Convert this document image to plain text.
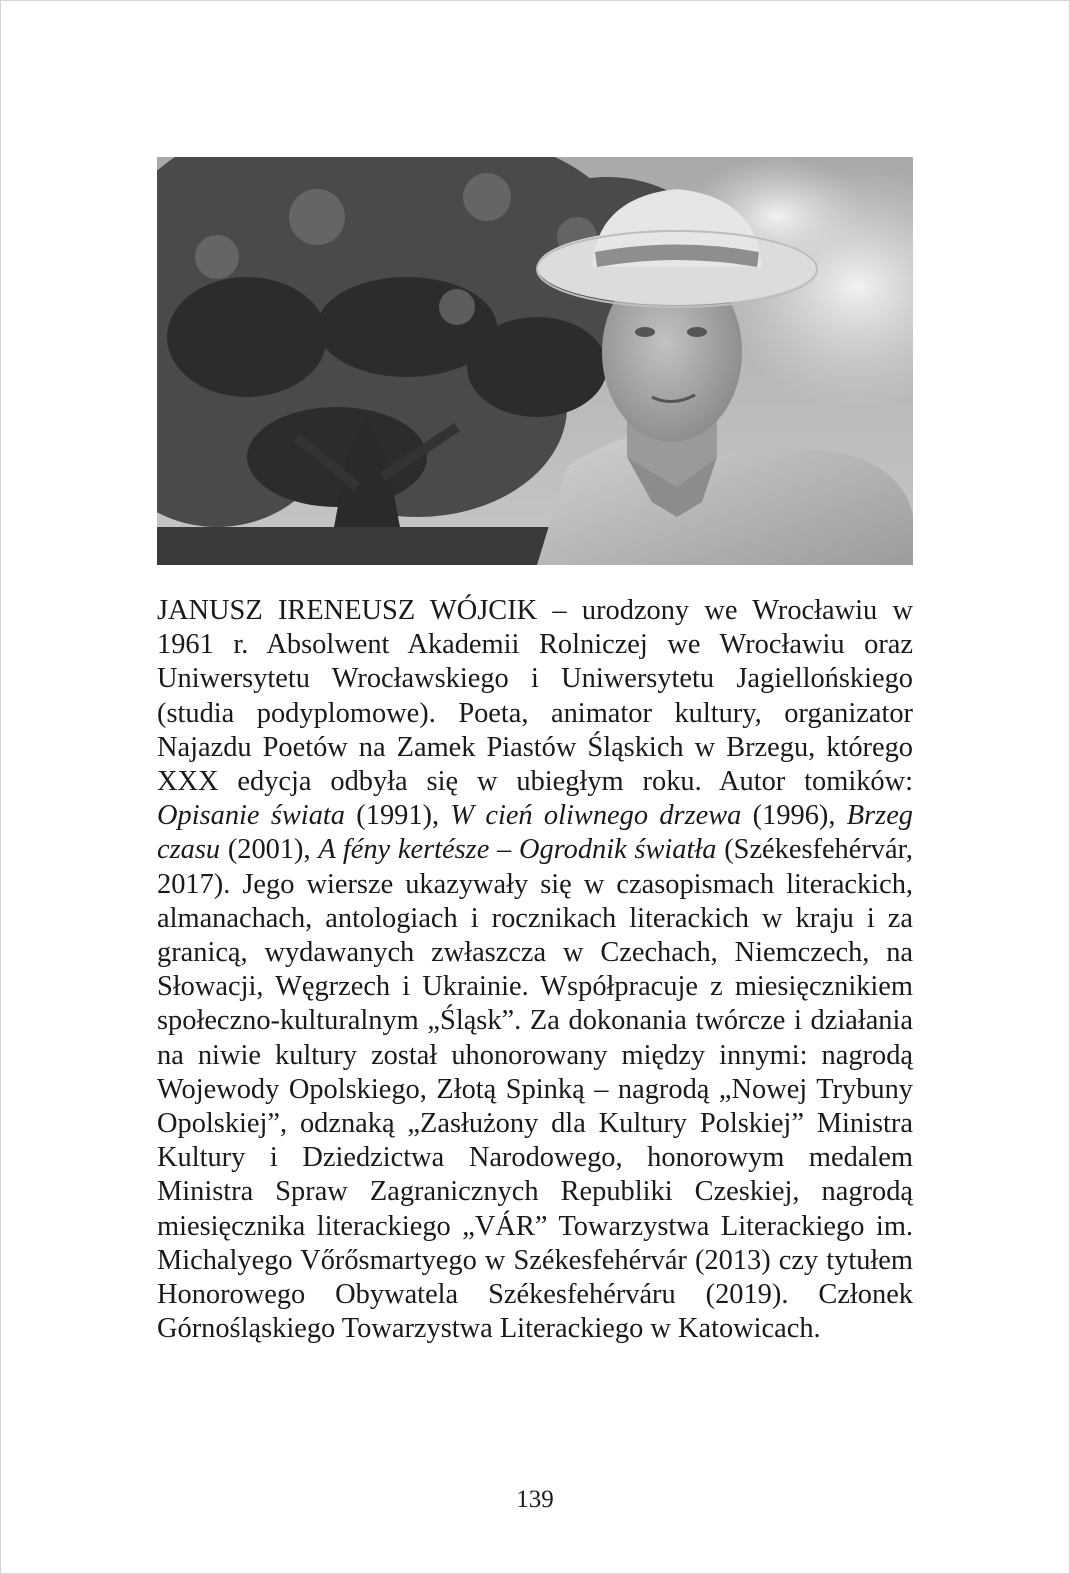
JANUSZ IRENEUSZ WÓJCIK – urodzony we Wrocławiu w 1961 r. Absolwent Akademii Rolniczej we Wrocławiu oraz Uniwersytetu Wrocławskiego i Uniwersytetu Jagiellońskiego (studia podyplomowe). Poeta, animator kultury, organizator Najazdu Poetów na Zamek Piastów Śląskich w Brzegu, którego XXX edycja odbyła się w ubiegłym roku. Autor tomików: Opisanie świata (1991), W cień oliwnego drzewa (1996), Brzeg czasu (2001), A fény kertésze – Ogrodnik światła (Székesfehérvár, 2017). Jego wiersze ukazywały się w czasopismach literackich, almanachach, antologiach i rocznikach literackich w kraju i za granicą, wydawanych zwłaszcza w Czechach, Niemczech, na Słowacji, Węgrzech i Ukrainie. Współpracuje z miesięcznikiem społeczno-kulturalnym „Śląsk”. Za dokonania twórcze i działania na niwie kultury został uhonorowany między innymi: nagrodą Wojewody Opolskiego, Złotą Spinką – nagrodą „Nowej Trybuny Opolskiej”, odznaką „Zasłużony dla Kultury Polskiej” Ministra Kultury i Dziedzictwa Narodowego, honorowym medalem Ministra Spraw Zagranicznych Republiki Czeskiej, nagrodą miesięcznika literackiego „VÁR” Towarzystwa Literackiego im. Michalyego Vőrősmartyego w Székesfehérvár (2013) czy tytułem Honorowego Obywatela Székesfehérváru (2019). Członek Górnośląskiego Towarzystwa Literackiego w Katowicach.

139
